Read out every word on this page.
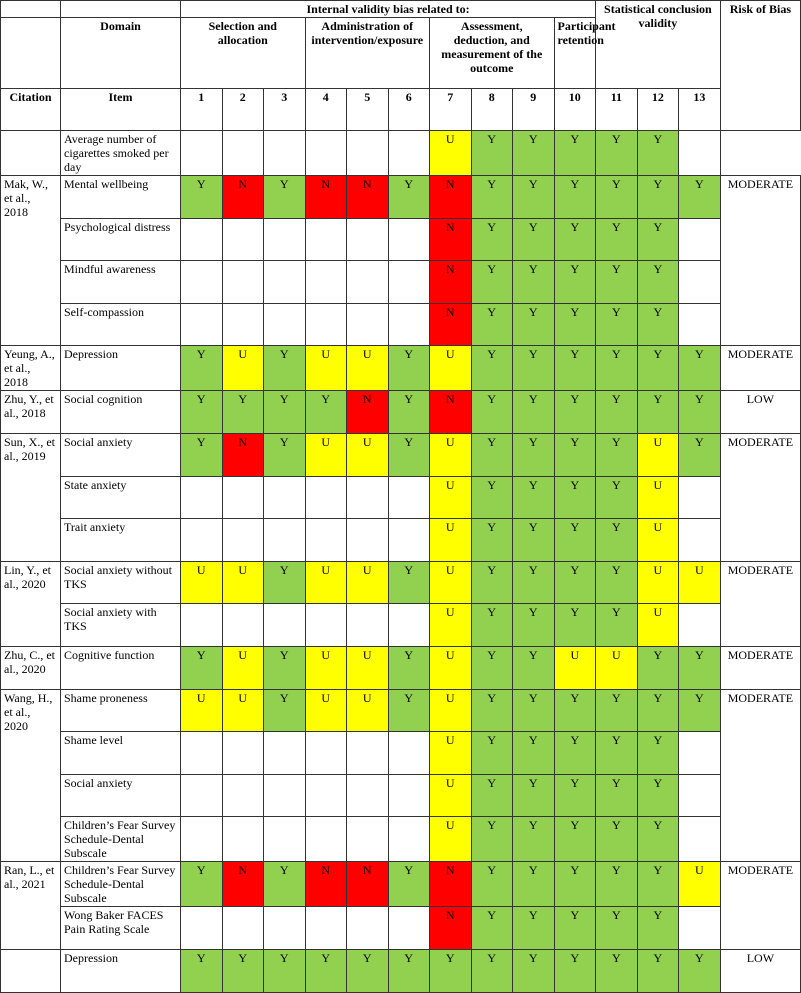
		Internal validity bias related to:										Statistical conclusion validity			Risk of Bias
	Domain	Selection and allocation			Administration of intervention/exposure			Assessment, deduction, and measurement of the outcome			Participant retention				
Citation	Item	1	2	3	4	5	6	7	8	9	10	11	12	13	
	Average number of cigarettes smoked per day							U	Y	Y	Y	Y	Y		
Mak, W., et al., 2018	Mental wellbeing	Y	N	Y	N	N	Y	N	Y	Y	Y	Y	Y	Y	MODERATE
	Psychological distress							N	Y	Y	Y	Y	Y		
	Mindful awareness							N	Y	Y	Y	Y	Y		
	Self-compassion							N	Y	Y	Y	Y	Y		
Yeung, A., et al., 2018	Depression	Y	U	Y	U	U	Y	U	Y	Y	Y	Y	Y	Y	MODERATE
Zhu, Y., et al., 2018	Social cognition	Y	Y	Y	Y	N	Y	N	Y	Y	Y	Y	Y	Y	LOW
Sun, X., et al., 2019	Social anxiety	Y	N	Y	U	U	Y	U	Y	Y	Y	Y	U	Y	MODERATE
	State anxiety							U	Y	Y	Y	Y	U		
	Trait anxiety							U	Y	Y	Y	Y	U		
Lin, Y., et al., 2020	Social anxiety without TKS	U	U	Y	U	U	Y	U	Y	Y	Y	Y	U	U	MODERATE
	Social anxiety with TKS							U	Y	Y	Y	Y	U		
Zhu, C., et al., 2020	Cognitive function	Y	U	Y	U	U	Y	U	Y	Y	U	U	Y	Y	MODERATE
Wang, H., et al., 2020	Shame proneness	U	U	Y	U	U	Y	U	Y	Y	Y	Y	Y	Y	MODERATE
	Shame level							U	Y	Y	Y	Y	Y		
	Social anxiety							U	Y	Y	Y	Y	Y		
	Children’s Fear Survey Schedule-Dental Subscale							U	Y	Y	Y	Y	Y		
Ran, L., et al., 2021	Children’s Fear Survey Schedule-Dental Subscale	Y	N	Y	N	N	Y	N	Y	Y	Y	Y	Y	U	MODERATE
	Wong Baker FACES Pain Rating Scale							N	Y	Y	Y	Y	Y		
	Depression	Y	Y	Y	Y	Y	Y	Y	Y	Y	Y	Y	Y	Y	LOW
